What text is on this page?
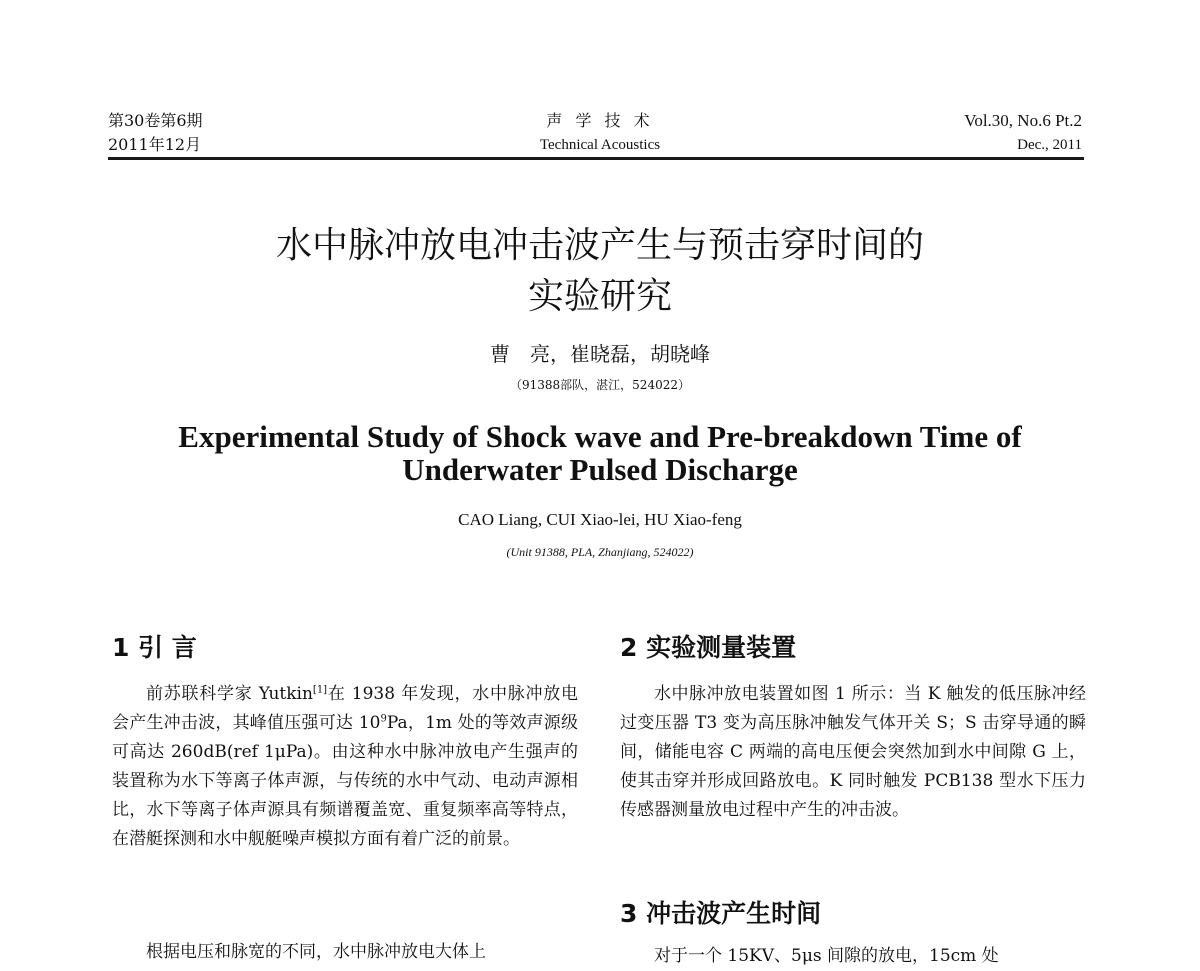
第30卷第6期
2011年12月
声 学 技 术
Technical Acoustics
Vol.30, No.6 Pt.2
Dec., 2011
水中脉冲放电冲击波产生与预击穿时间的
实验研究
曹　亮，崔晓磊，胡晓峰
（91388部队，湛江，524022）
Experimental Study of Shock wave and Pre-breakdown Time of
Underwater Pulsed Discharge
CAO Liang, CUI Xiao-lei, HU Xiao-feng
(Unit 91388, PLA, Zhanjiang, 524022)
1 引 言
前苏联科学家 Yutkin[1]在 1938 年发现，水中脉冲放电会产生冲击波，其峰值压强可达 $10^9Pa$，1m 处的等效声源级可高达 260dB(ref 1μPa)。由这种水中脉冲放电产生强声的装置称为水下等离子体声源，与传统的水中气动、电动声源相比，水下等离子体声源具有频谱覆盖宽、重复频率高等特点，在潜艇探测和水中舰艇噪声模拟方面有着广泛的前景。
根据电压和脉宽的不同，水中脉冲放电大体上
2 实验测量装置
水中脉冲放电装置如图 1 所示：当 K 触发的低压脉冲经过变压器 T3 变为高压脉冲触发气体开关 S；S 击穿导通的瞬间，储能电容 C 两端的高电压便会突然加到水中间隙 G 上，使其击穿并形成回路放电。K 同时触发 PCB138 型水下压力传感器测量放电过程中产生的冲击波。
3 冲击波产生时间
对于一个 15KV、5μs 间隙的放电，15cm 处
